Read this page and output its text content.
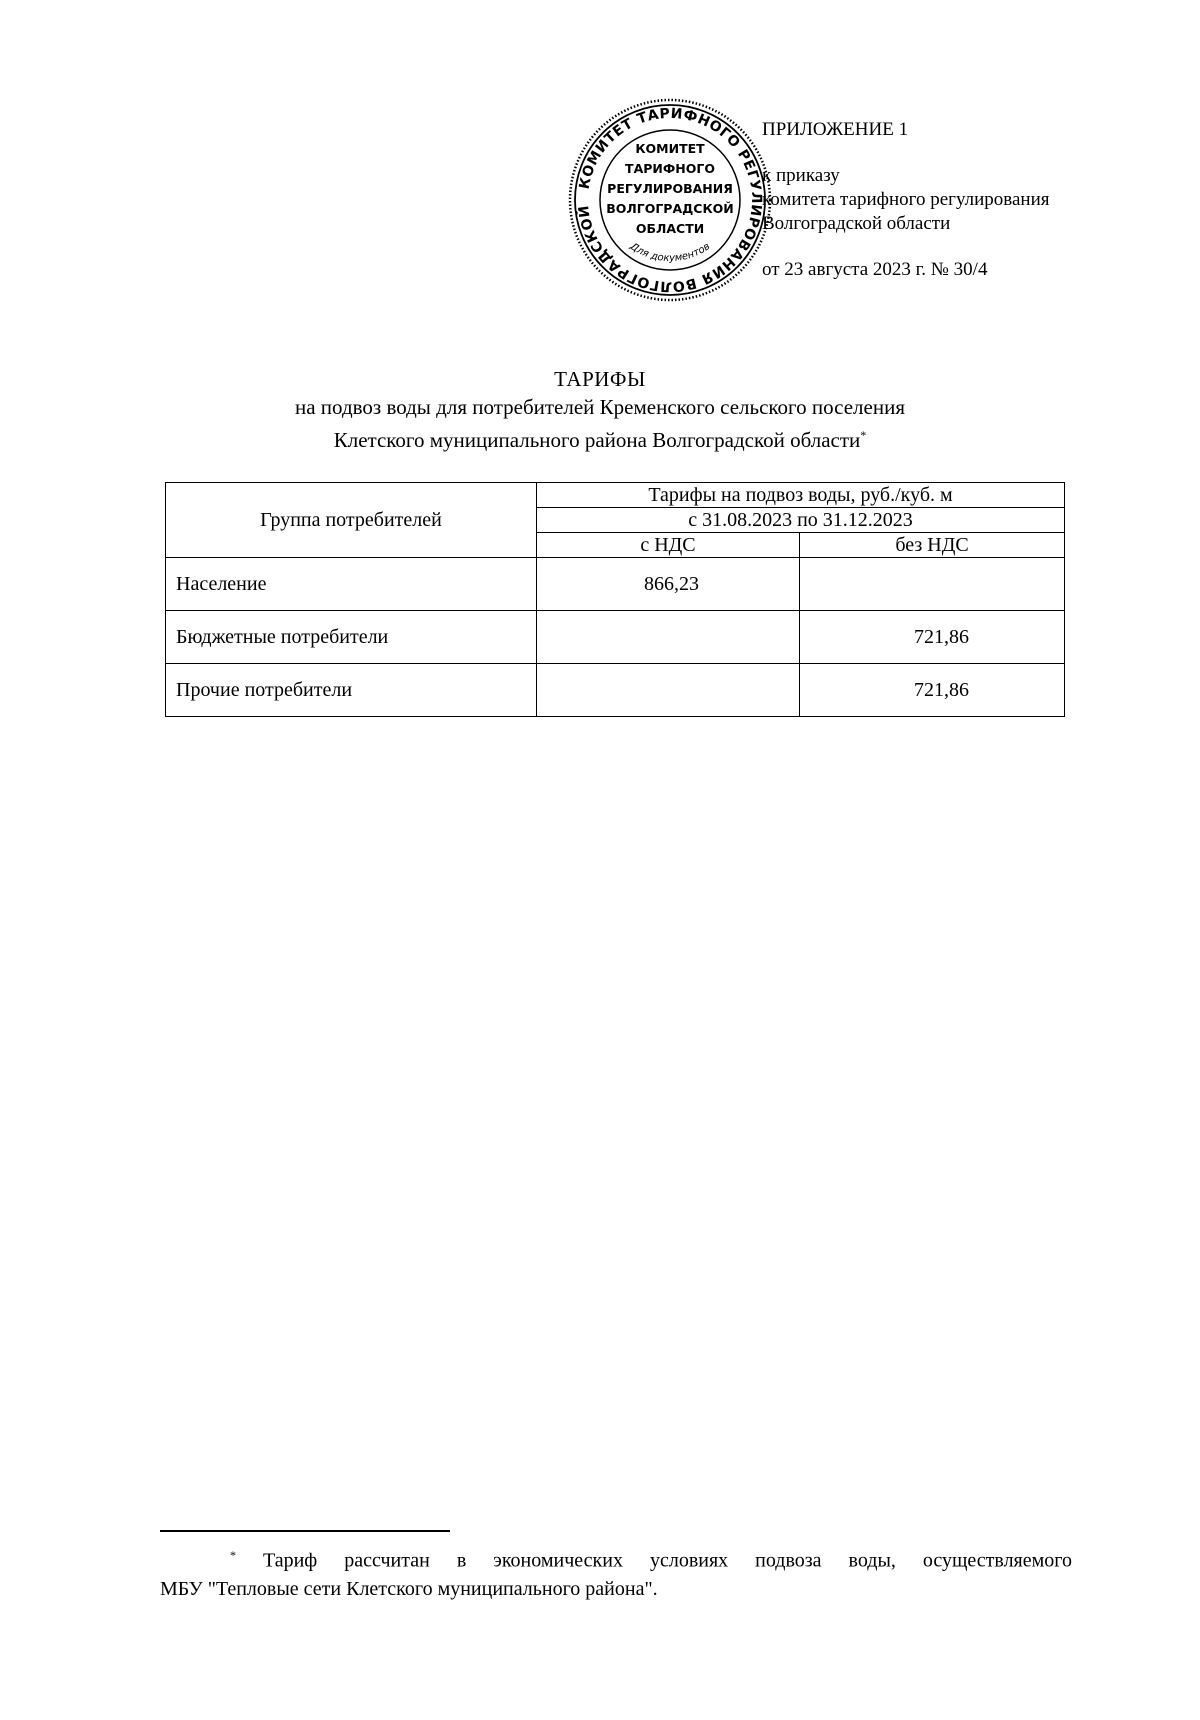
КОМИТЕТ ТАРИФНОГО РЕГУЛИРОВАНИЯ ВОЛГОГРАДСКОЙ
КОМИТЕТ
ТАРИФНОГО
РЕГУЛИРОВАНИЯ
ВОЛГОГРАДСКОЙ
ОБЛАСТИ
Для документов
ПРИЛОЖЕНИЕ 1
к приказу
комитета тарифного регулирования
Волгоградской области
от 23 августа 2023 г. № 30/4
ТАРИФЫ
на подвоз воды для потребителей Кременского сельского поселения
Клетского муниципального района Волгоградской области*
Группа потребителей	Тарифы на подвоз воды, руб./куб. м	
	с 31.08.2023 по 31.12.2023	
	с НДС	без НДС
Население	866,23	
Бюджетные потребители		721,86
Прочие потребители		721,86
* Тариф рассчитан в экономических условиях подвоза воды, осуществляемого
МБУ "Тепловые сети Клетского муниципального района".
